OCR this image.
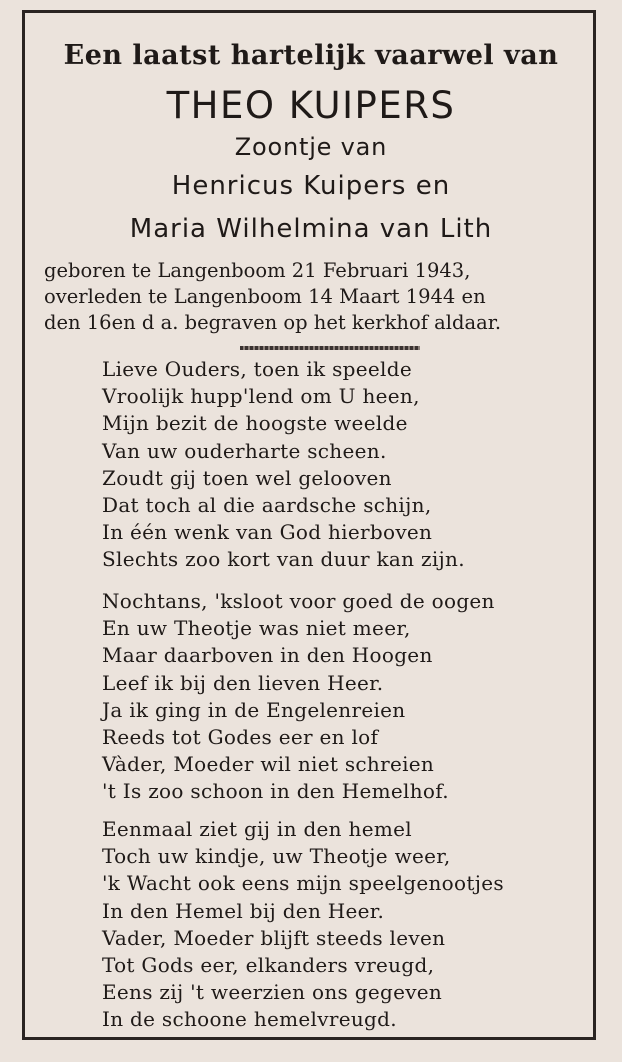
Een laatst hartelijk vaarwel van
THEO KUIPERS
Zoontje van
Henricus Kuipers en
Maria Wilhelmina van Lith
geboren te Langenboom 21 Februari 1943,
overleden te Langenboom 14 Maart 1944 en
den 16en d a. begraven op het kerkhof aldaar.
Lieve Ouders, toen ik speelde
Vroolijk hupp'lend om U heen,
Mijn bezit de hoogste weelde
Van uw ouderharte scheen.
Zoudt gij toen wel gelooven
Dat toch al die aardsche schijn,
In één wenk van God hierboven
Slechts zoo kort van duur kan zijn.
Nochtans, 'ksloot voor goed de oogen
En uw Theotje was niet meer,
Maar daarboven in den Hoogen
Leef ik bij den lieven Heer.
Ja ik ging in de Engelenreien
Reeds tot Godes eer en lof
Vàder, Moeder wil niet schreien
't Is zoo schoon in den Hemelhof.
Eenmaal ziet gij in den hemel
Toch uw kindje, uw Theotje weer,
'k Wacht ook eens mijn speelgenootjes
In den Hemel bij den Heer.
Vader, Moeder blijft steeds leven
Tot Gods eer, elkanders vreugd,
Eens zij 't weerzien ons gegeven
In de schoone hemelvreugd.
